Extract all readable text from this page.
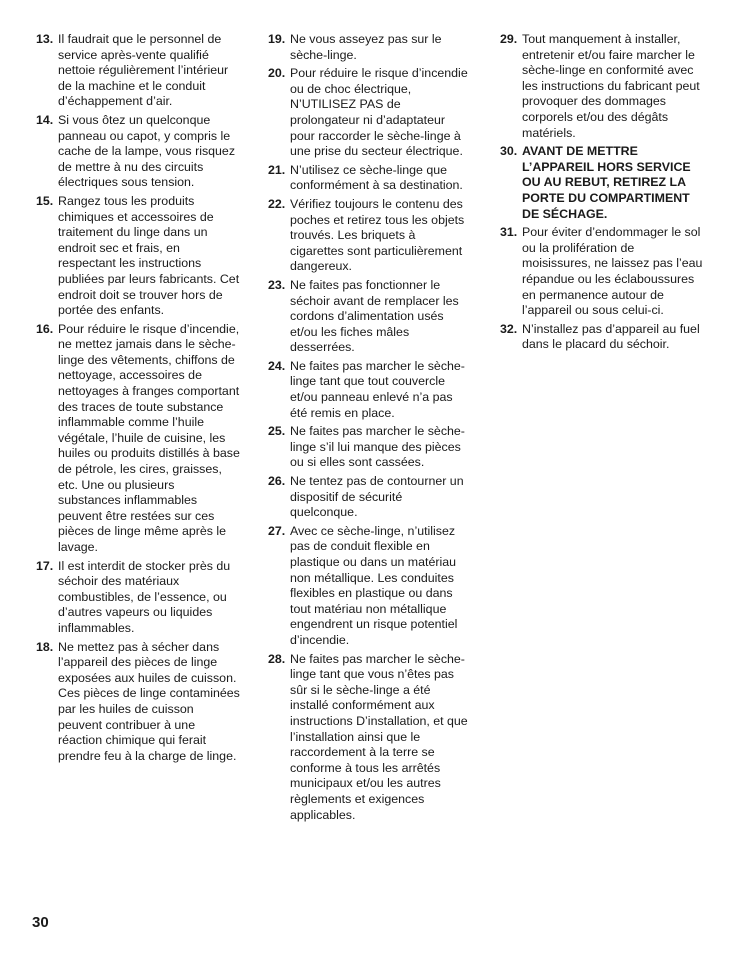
13. Il faudrait que le personnel de service après-vente qualifié nettoie régulièrement l’intérieur de la machine et le conduit d’échappement d’air.
14. Si vous ôtez un quelconque panneau ou capot, y compris le cache de la lampe, vous risquez de mettre à nu des circuits électriques sous tension.
15. Rangez tous les produits chimiques et accessoires de traitement du linge dans un endroit sec et frais, en respectant les instructions publiées par leurs fabricants. Cet endroit doit se trouver hors de portée des enfants.
16. Pour réduire le risque d’incendie, ne mettez jamais dans le sèche-linge des vêtements, chiffons de nettoyage, accessoires de nettoyages à franges comportant des traces de toute substance inflammable comme l’huile végétale, l’huile de cuisine, les huiles ou produits distillés à base de pétrole, les cires, graisses, etc. Une ou plusieurs substances inflammables peuvent être restées sur ces pièces de linge même après le lavage.
17. Il est interdit de stocker près du séchoir des matériaux combustibles, de l’essence, ou d’autres vapeurs ou liquides inflammables.
18. Ne mettez pas à sécher dans l’appareil des pièces de linge exposées aux huiles de cuisson. Ces pièces de linge contaminées par les huiles de cuisson peuvent contribuer à une réaction chimique qui ferait prendre feu à la charge de linge.
19. Ne vous asseyez pas sur le sèche-linge.
20. Pour réduire le risque d’incendie ou de choc électrique, N’UTILISEZ PAS de prolongateur ni d’adaptateur pour raccorder le sèche-linge à une prise du secteur électrique.
21. N’utilisez ce sèche-linge que conformément à sa destination.
22. Vérifiez toujours le contenu des poches et retirez tous les objets trouvés. Les briquets à cigarettes sont particulièrement dangereux.
23. Ne faites pas fonctionner le séchoir avant de remplacer les cordons d’alimentation usés et/ou les fiches mâles desserrées.
24. Ne faites pas marcher le sèche-linge tant que tout couvercle et/ou panneau enlevé n’a pas été remis en place.
25. Ne faites pas marcher le sèche-linge s’il lui manque des pièces ou si elles sont cassées.
26. Ne tentez pas de contourner un dispositif de sécurité quelconque.
27. Avec ce sèche-linge, n’utilisez pas de conduit flexible en plastique ou dans un matériau non métallique. Les conduites flexibles en plastique ou dans tout matériau non métallique engendrent un risque potentiel d’incendie.
28. Ne faites pas marcher le sèche-linge tant que vous n’êtes pas sûr si le sèche-linge a été installé conformément aux instructions D’installation, et que l’installation ainsi que le raccordement à la terre se conforme à tous les arrêtés municipaux et/ou les autres règlements et exigences applicables.
29. Tout manquement à installer, entretenir et/ou faire marcher le sèche-linge en conformité avec les instructions du fabricant peut provoquer des dommages corporels et/ou des dégâts matériels.
30. AVANT DE METTRE L’APPAREIL HORS SERVICE OU AU REBUT, RETIREZ LA PORTE DU COMPARTIMENT DE SÉCHAGE.
31. Pour éviter d’endommager le sol ou la prolifération de moisissures, ne laissez pas l’eau répandue ou les éclaboussures en permanence autour de l’appareil ou sous celui-ci.
32. N’installez pas d’appareil au fuel dans le placard du séchoir.
30
